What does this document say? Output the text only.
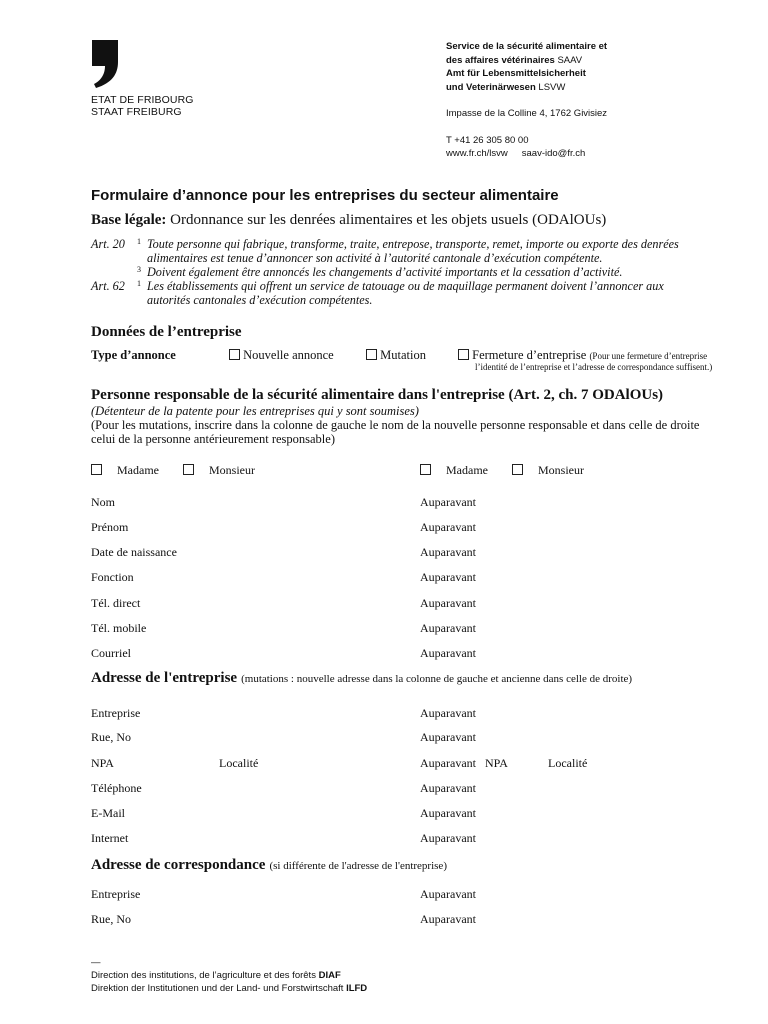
ETAT DE FRIBOURG
STAAT FREIBURG
Service de la sécurité alimentaire et
des affaires vétérinaires SAAV
Amt für Lebensmittelsicherheit
und Veterinärwesen LSVW
Impasse de la Colline 4, 1762 Givisiez
T +41 26 305 80 00
www.fr.ch/lsvw saav-ido@fr.ch
Formulaire d’annonce pour les entreprises du secteur alimentaire
Base légale: Ordonnance sur les denrées alimentaires et les objets usuels (ODAlOUs)
Art. 20 1 Toute personne qui fabrique, transforme, traite, entrepose, transporte, remet, importe ou exporte des denrées
alimentaires est tenue d’annoncer son activité à l’autorité cantonale d’exécution compétente.
3 Doivent également être annoncés les changements d’activité importants et la cessation d’activité.
Art. 62 1 Les établissements qui offrent un service de tatouage ou de maquillage permanent doivent l’annoncer aux
autorités cantonales d’exécution compétentes.
Données de l’entreprise
Type d’annonce	Nouvelle annonce	Mutation	Fermeture d’entreprise (Pour une fermeture d’entreprise
l’identité de l’entreprise et l’adresse de correspondance suffisent.)
Personne responsable de la sécurité alimentaire dans l'entreprise (Art. 2, ch. 7 ODAlOUs)
(Détenteur de la patente pour les entreprises qui y sont soumises)
(Pour les mutations, inscrire dans la colonne de gauche le nom de la nouvelle personne responsable et dans celle de droite
celui de la personne antérieurement responsable)
Madame	Monsieur	Madame	Monsieur
Nom	Auparavant
Prénom	Auparavant
Date de naissance	Auparavant
Fonction	Auparavant
Tél. direct	Auparavant
Tél. mobile	Auparavant
Courriel	Auparavant
Adresse de l'entreprise (mutations : nouvelle adresse dans la colonne de gauche et ancienne dans celle de droite)
Entreprise	Auparavant
Rue, No	Auparavant
NPA	Localité	Auparavant NPA	Localité
Téléphone	Auparavant
E-Mail	Auparavant
Internet	Auparavant
Adresse de correspondance (si différente de l'adresse de l'entreprise)
Entreprise	Auparavant
Rue, No	Auparavant
—
Direction des institutions, de l’agriculture et des forêts DIAF
Direktion der Institutionen und der Land- und Forstwirtschaft ILFD
